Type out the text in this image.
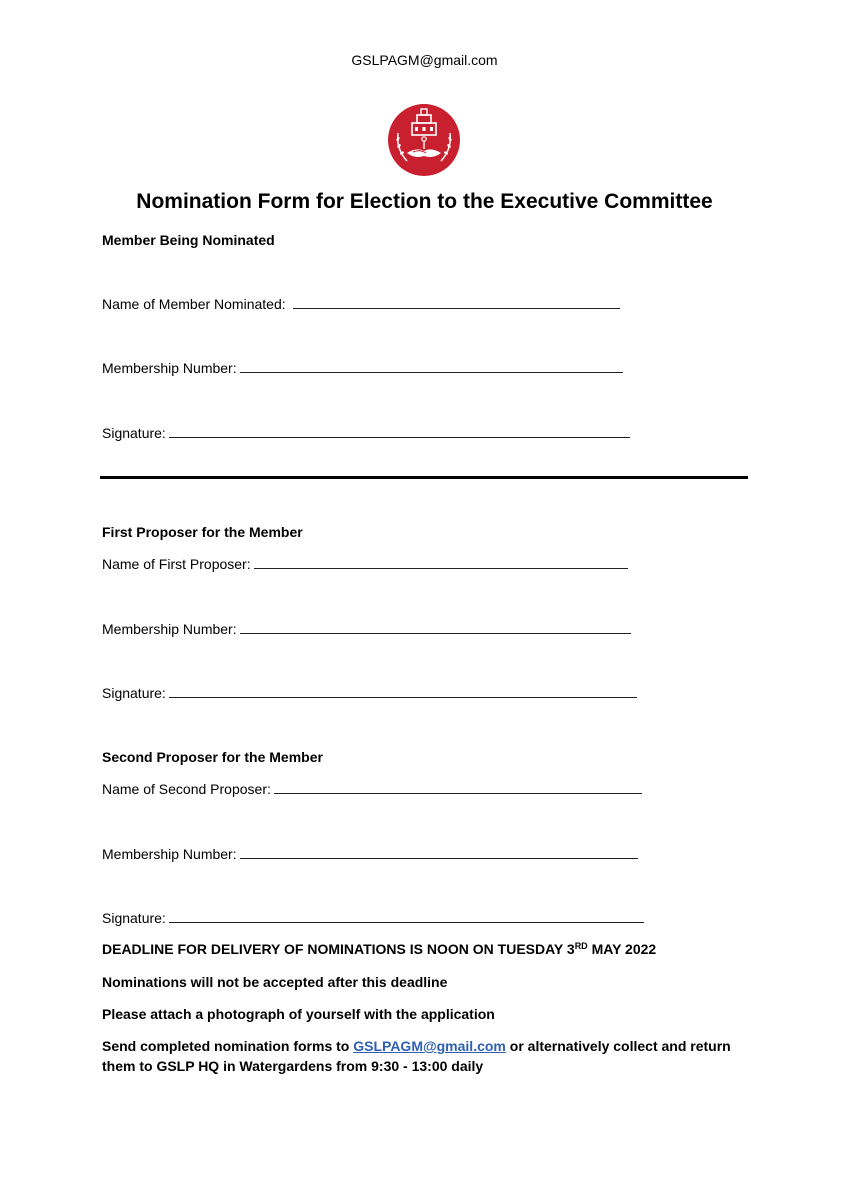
GSLPAGM@gmail.com
Nomination Form for Election to the Executive Committee
Member Being Nominated
Name of Member Nominated:
Membership Number:
Signature:
First Proposer for the Member
Name of First Proposer:
Membership Number:
Signature:
Second Proposer for the Member
Name of Second Proposer:
Membership Number:
Signature:
DEADLINE FOR DELIVERY OF NOMINATIONS IS NOON ON TUESDAY 3RD MAY 2022
Nominations will not be accepted after this deadline
Please attach a photograph of yourself with the application
Send completed nomination forms to GSLPAGM@gmail.com or alternatively collect and return them to GSLP HQ in Watergardens from 9:30 - 13:00 daily
